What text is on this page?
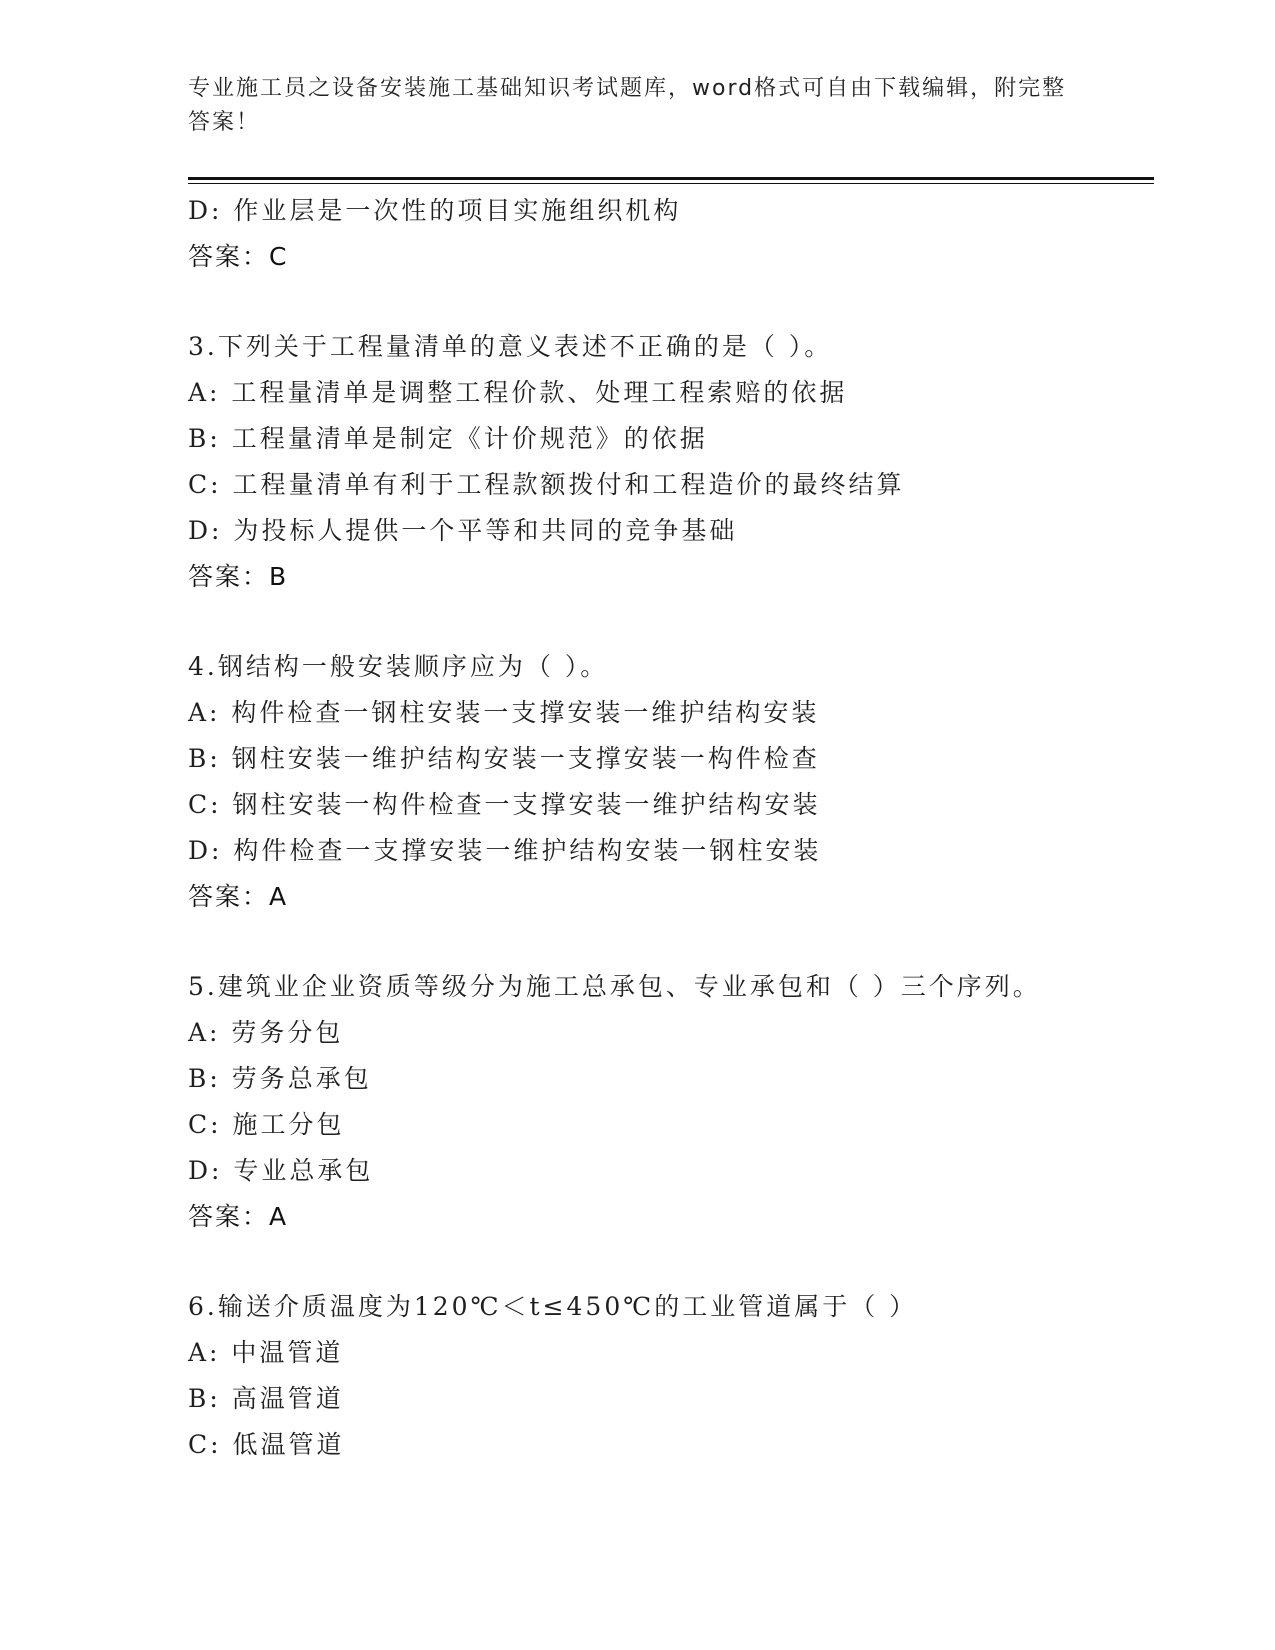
专业施工员之设备安装施工基础知识考试题库，word格式可自由下载编辑，附完整答案！
D: 作业层是一次性的项目实施组织机构
答案：C
3.下列关于工程量清单的意义表述不正确的是（ ）。
A: 工程量清单是调整工程价款、处理工程索赔的依据
B: 工程量清单是制定《计价规范》的依据
C: 工程量清单有利于工程款额拨付和工程造价的最终结算
D: 为投标人提供一个平等和共同的竞争基础
答案：B
4.钢结构一般安装顺序应为（ ）。
A: 构件检查一钢柱安装一支撑安装一维护结构安装
B: 钢柱安装一维护结构安装一支撑安装一构件检查
C: 钢柱安装一构件检查一支撑安装一维护结构安装
D: 构件检查一支撑安装一维护结构安装一钢柱安装
答案：A
5.建筑业企业资质等级分为施工总承包、专业承包和（ ）三个序列。
A: 劳务分包
B: 劳务总承包
C: 施工分包
D: 专业总承包
答案：A
6.输送介质温度为120℃＜t≤450℃的工业管道属于（ ）
A: 中温管道
B: 高温管道
C: 低温管道
